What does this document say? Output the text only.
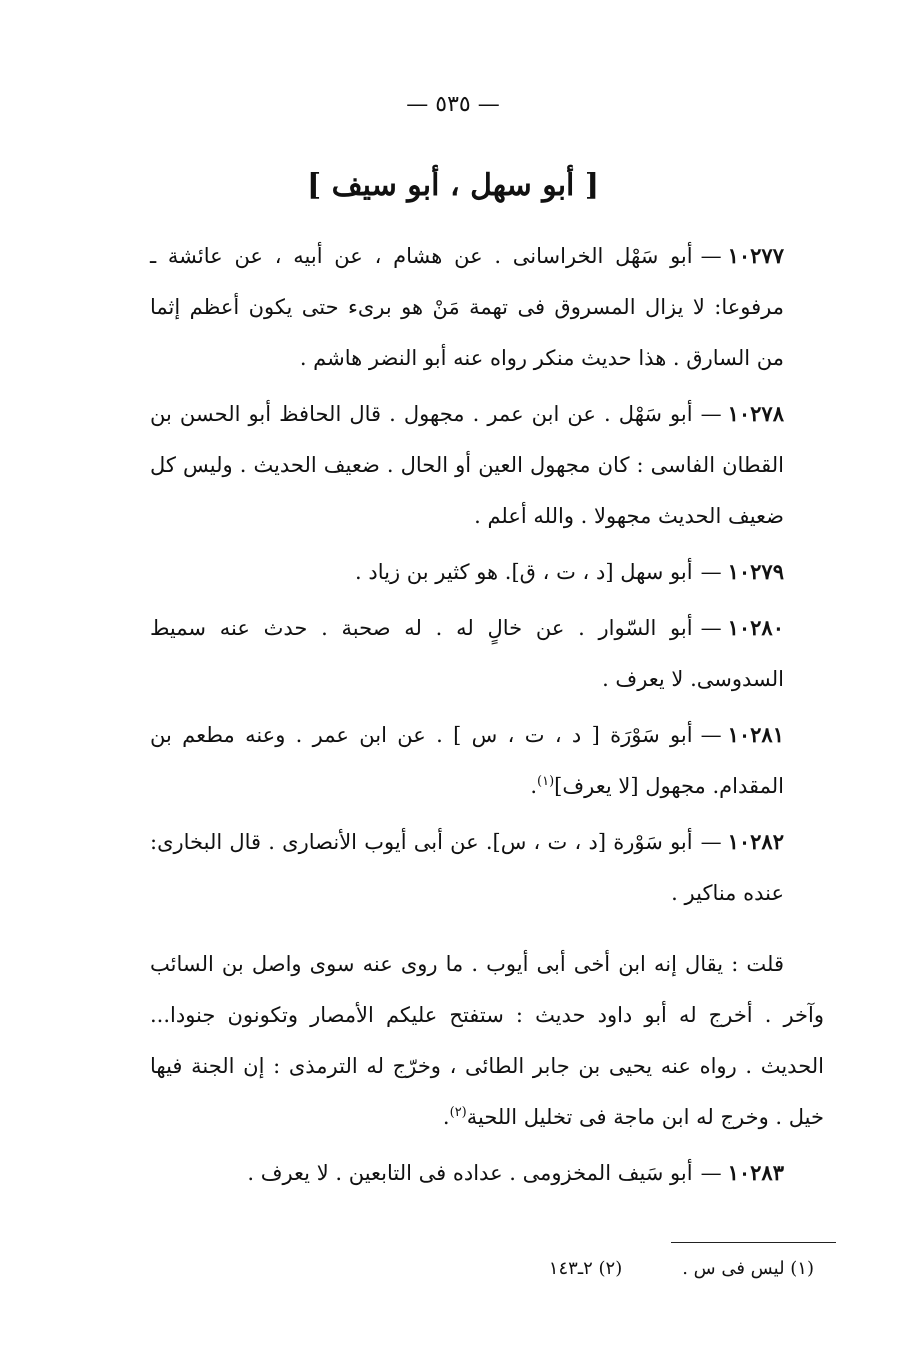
— ٥٣٥ —
[ أبو سهل ، أبو سيف ]

١٠٢٧٧—أبو سَهْل الخراسانى . عن هشام ، عن أبيه ، عن عائشة ـ مرفوعا: لا يزال المسروق فى تهمة مَنْ هو برىء حتى يكون أعظم إثما من السارق . هذا حديث منكر رواه عنه أبو النضر هاشم .

١٠٢٧٨—أبو سَهْل . عن ابن عمر . مجهول . قال الحافظ أبو الحسن بن القطان الفاسى : كان مجهول العين أو الحال . ضعيف الحديث . وليس كل ضعيف الحديث مجهولا . والله أعلم .

١٠٢٧٩—أبو سهل [د ، ت ، ق]. هو كثير بن زياد .

١٠٢٨٠—أبو السّوار . عن خالٍ له . له صحبة . حدث عنه سميط السدوسى. لا يعرف .

١٠٢٨١—أبو سَوْرَة [ د ، ت ، س ] . عن ابن عمر . وعنه مطعم بن المقدام. مجهول [لا يعرف]$^{(١)}$.

١٠٢٨٢—أبو سَوْرة [د ، ت ، س]. عن أبى أيوب الأنصارى . قال البخارى: عنده مناكير .

قلت : يقال إنه ابن أخى أبى أيوب . ما روى عنه سوى واصل بن السائب وآخر . أخرج له أبو داود حديث : ستفتح عليكم الأمصار وتكونون جنودا... الحديث . رواه عنه يحيى بن جابر الطائى ، وخرّج له الترمذى : إن الجنة فيها خيل . وخرج له ابن ماجة فى تخليل اللحية$^{(٢)}$.

١٠٢٨٣—أبو سَيف المخزومى . عداده فى التابعين . لا يعرف .

(١) ليس فى س .
(٢) ٢ـ١٤٣
